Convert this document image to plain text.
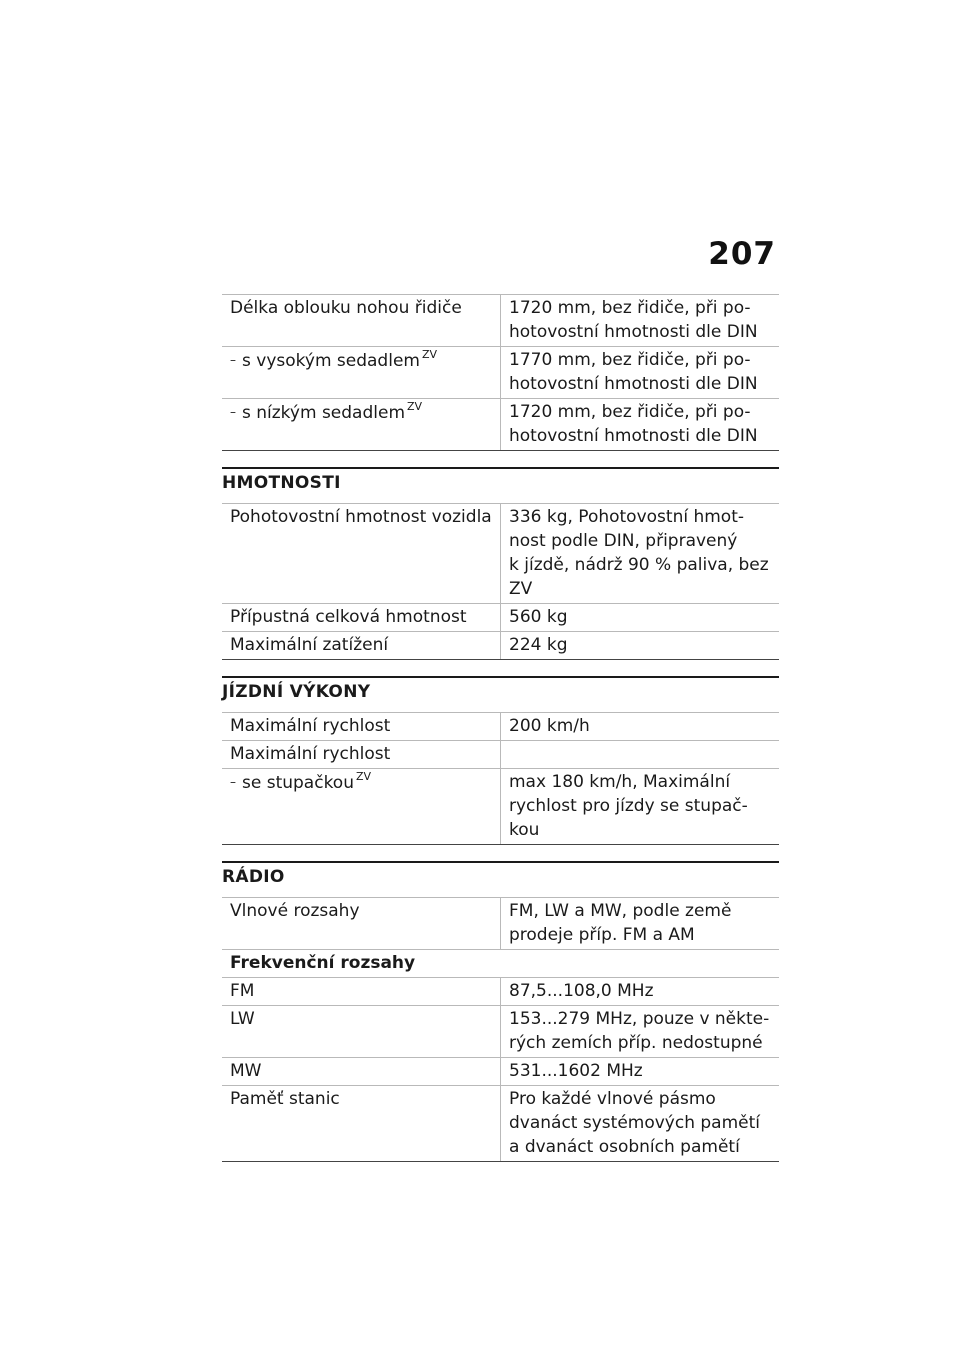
207
Délka oblouku nohou řidiče	1720 mm, bez řidiče, při po-
hotovostní hmotnosti dle DIN
– s vysokým sedadlem $^{ZV}$	1770 mm, bez řidiče, při po-
hotovostní hmotnosti dle DIN
– s nízkým sedadlem $^{ZV}$	1720 mm, bez řidiče, při po-
hotovostní hmotnosti dle DIN
HMOTNOSTI
Pohotovostní hmotnost vozidla	336 kg, Pohotovostní hmot-
nost podle DIN, připravený
k jízdě, nádrž 90 % paliva, bez
ZV
Přípustná celková hmotnost	560 kg
Maximální zatížení	224 kg
JÍZDNÍ VÝKONY
Maximální rychlost	200 km/h
Maximální rychlost	
– se stupačkou $^{ZV}$	max 180 km/h, Maximální
rychlost pro jízdy se stupač-
kou
RÁDIO
Vlnové rozsahy	FM, LW a MW, podle země
prodeje příp. FM a AM
Frekvenční rozsahy	
FM	87,5...108,0 MHz
LW	153...279 MHz, pouze v někte-
rých zemích příp. nedostupné
MW	531...1602 MHz
Paměť stanic	Pro každé vlnové pásmo
dvanáct systémových pamětí
a dvanáct osobních pamětí
